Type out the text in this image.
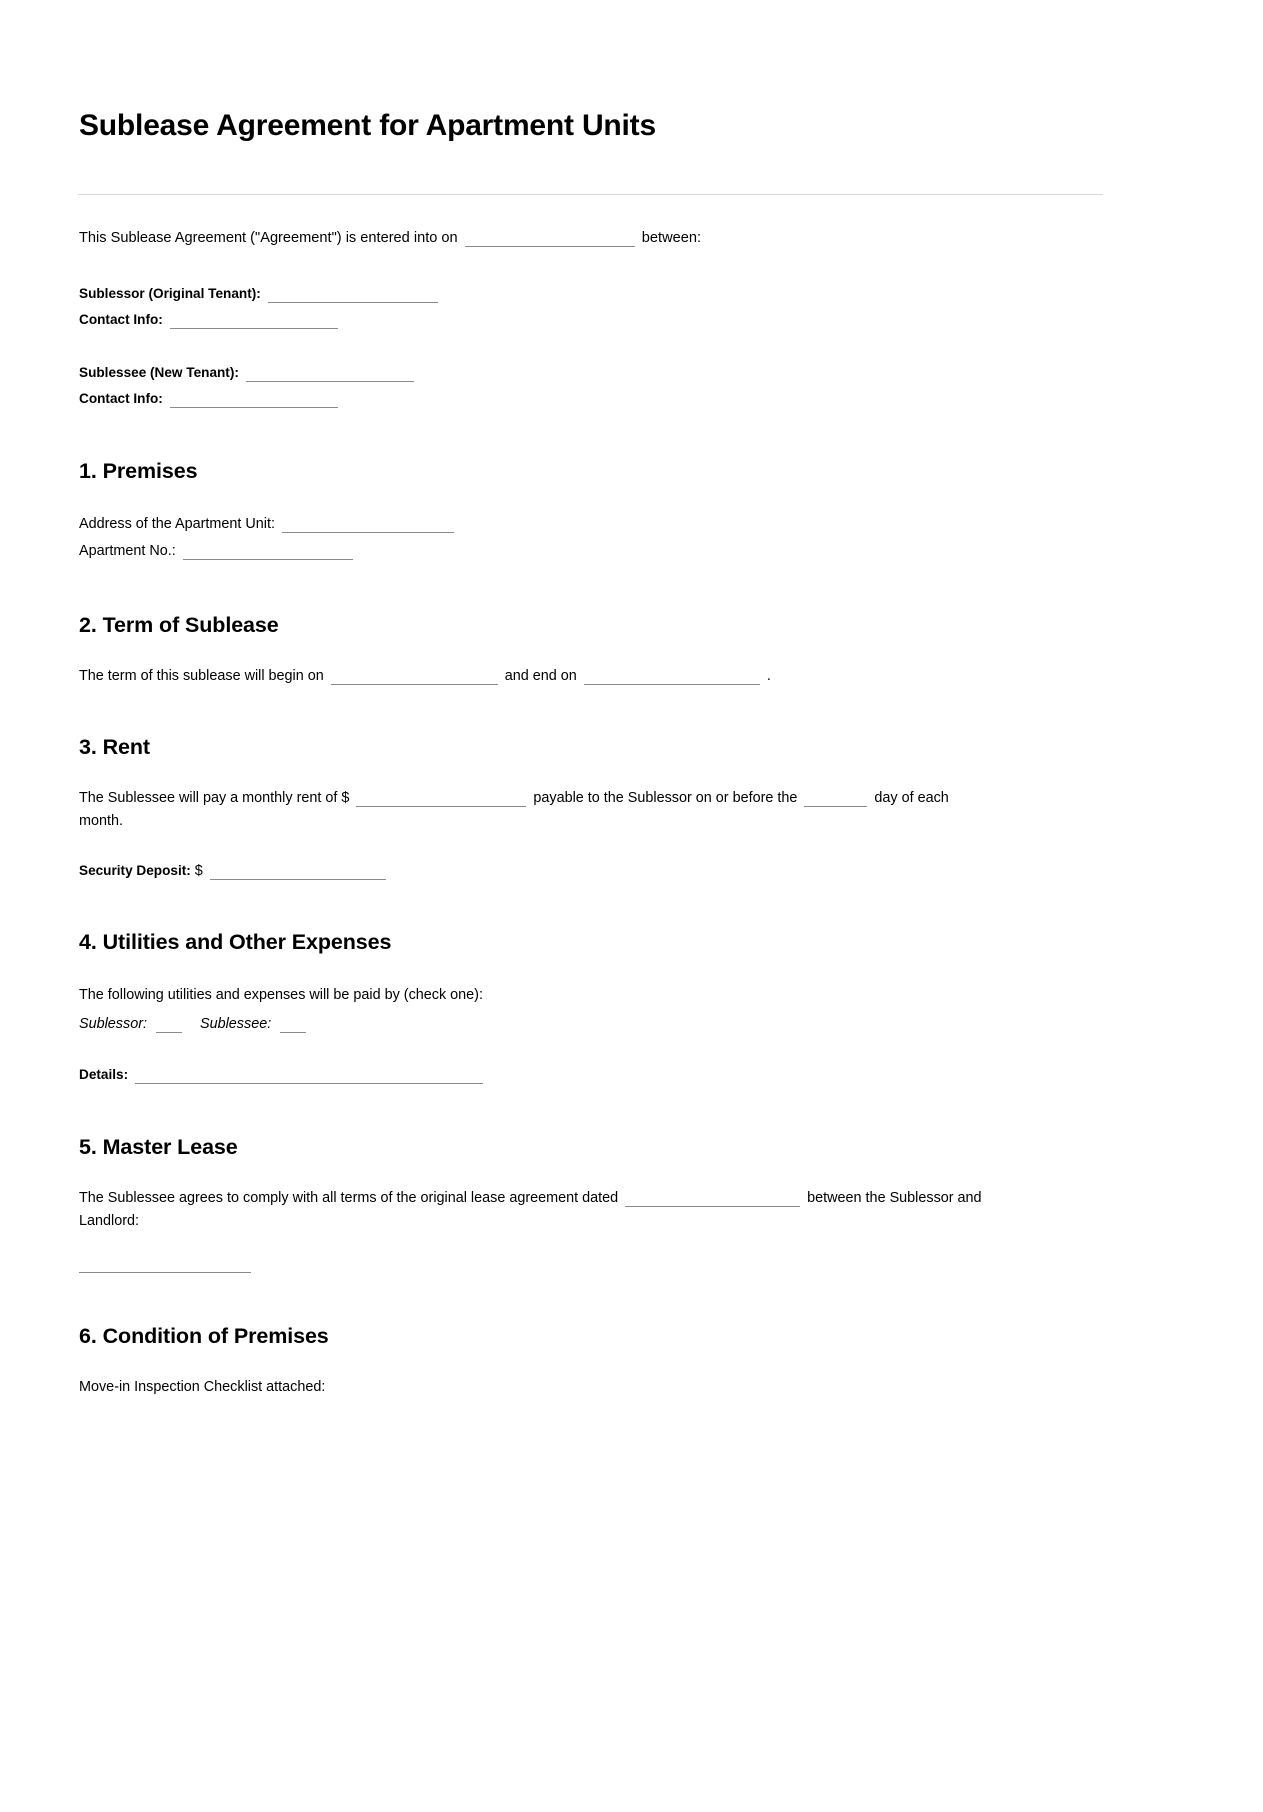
Sublease Agreement for Apartment Units

This Sublease Agreement ("Agreement") is entered into on	between:

Sublessor (Original Tenant):
Contact Info:
Sublessee (New Tenant):
Contact Info:
1. Premises
Address of the Apartment Unit:
Apartment No.:
2. Term of Sublease
The term of this sublease will begin on	and end on	.
3. Rent
The Sublessee will pay a monthly rent of $	payable to the Sublessor on or before the	day of each month.
Security Deposit: $
4. Utilities and Other Expenses
The following utilities and expenses will be paid by (check one):
Sublessor:	Sublessee:
Details:
5. Master Lease
The Sublessee agrees to comply with all terms of the original lease agreement dated	between the Sublessor and Landlord:
6. Condition of Premises
Move-in Inspection Checklist attached:
